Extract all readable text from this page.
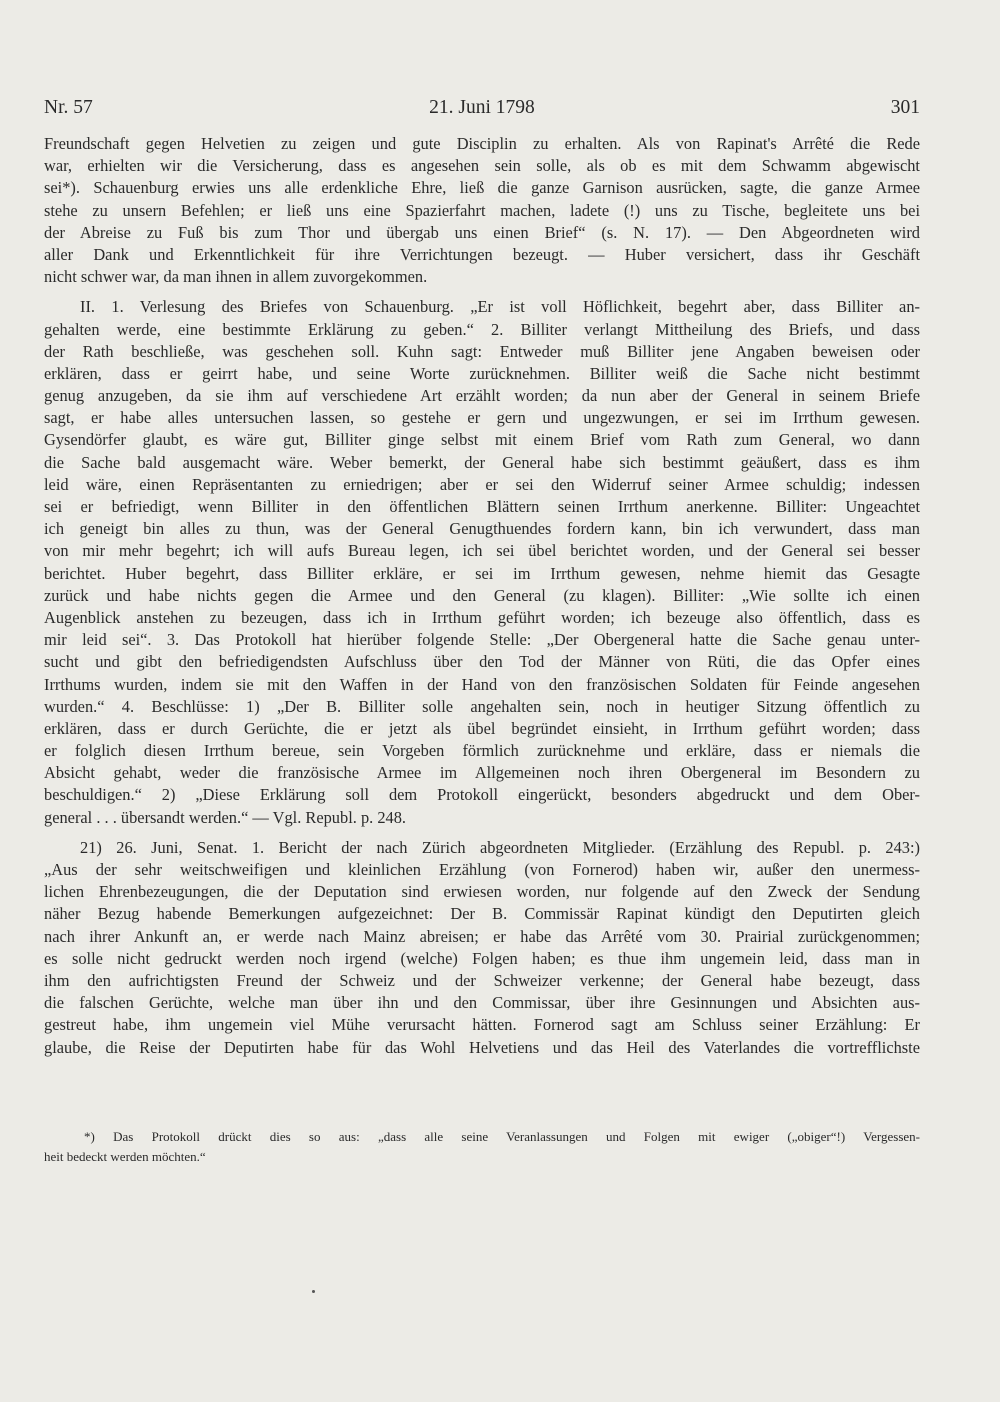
Nr. 57	21. Juni 1798	301
Freundschaft gegen Helvetien zu zeigen und gute Disciplin zu erhalten. Als von Rapinat's Arrêté die Rede
war, erhielten wir die Versicherung, dass es angesehen sein solle, als ob es mit dem Schwamm abgewischt
sei*). Schauenburg erwies uns alle erdenkliche Ehre, ließ die ganze Garnison ausrücken, sagte, die ganze Armee
stehe zu unsern Befehlen; er ließ uns eine Spazierfahrt machen, ladete (!) uns zu Tische, begleitete uns bei
der Abreise zu Fuß bis zum Thor und übergab uns einen Brief“ (s. N. 17). — Den Abgeordneten wird
aller Dank und Erkenntlichkeit für ihre Verrichtungen bezeugt. — Huber versichert, dass ihr Geschäft
nicht schwer war, da man ihnen in allem zuvorgekommen.
II. 1. Verlesung des Briefes von Schauenburg. „Er ist voll Höflichkeit, begehrt aber, dass Billiter an-
gehalten werde, eine bestimmte Erklärung zu geben.“ 2. Billiter verlangt Mittheilung des Briefs, und dass
der Rath beschließe, was geschehen soll. Kuhn sagt: Entweder muß Billiter jene Angaben beweisen oder
erklären, dass er geirrt habe, und seine Worte zurücknehmen. Billiter weiß die Sache nicht bestimmt
genug anzugeben, da sie ihm auf verschiedene Art erzählt worden; da nun aber der General in seinem Briefe
sagt, er habe alles untersuchen lassen, so gestehe er gern und ungezwungen, er sei im Irrthum gewesen.
Gysendörfer glaubt, es wäre gut, Billiter ginge selbst mit einem Brief vom Rath zum General, wo dann
die Sache bald ausgemacht wäre. Weber bemerkt, der General habe sich bestimmt geäußert, dass es ihm
leid wäre, einen Repräsentanten zu erniedrigen; aber er sei den Widerruf seiner Armee schuldig; indessen
sei er befriedigt, wenn Billiter in den öffentlichen Blättern seinen Irrthum anerkenne. Billiter: Ungeachtet
ich geneigt bin alles zu thun, was der General Genugthuendes fordern kann, bin ich verwundert, dass man
von mir mehr begehrt; ich will aufs Bureau legen, ich sei übel berichtet worden, und der General sei besser
berichtet. Huber begehrt, dass Billiter erkläre, er sei im Irrthum gewesen, nehme hiemit das Gesagte
zurück und habe nichts gegen die Armee und den General (zu klagen). Billiter: „Wie sollte ich einen
Augenblick anstehen zu bezeugen, dass ich in Irrthum geführt worden; ich bezeuge also öffentlich, dass es
mir leid sei“. 3. Das Protokoll hat hierüber folgende Stelle: „Der Obergeneral hatte die Sache genau unter-
sucht und gibt den befriedigendsten Aufschluss über den Tod der Männer von Rüti, die das Opfer eines
Irrthums wurden, indem sie mit den Waffen in der Hand von den französischen Soldaten für Feinde angesehen
wurden.“ 4. Beschlüsse: 1) „Der B. Billiter solle angehalten sein, noch in heutiger Sitzung öffentlich zu
erklären, dass er durch Gerüchte, die er jetzt als übel begründet einsieht, in Irrthum geführt worden; dass
er folglich diesen Irrthum bereue, sein Vorgeben förmlich zurücknehme und erkläre, dass er niemals die
Absicht gehabt, weder die französische Armee im Allgemeinen noch ihren Obergeneral im Besondern zu
beschuldigen.“ 2) „Diese Erklärung soll dem Protokoll eingerückt, besonders abgedruckt und dem Ober-
general . . . übersandt werden.“ — Vgl. Republ. p. 248.
21) 26. Juni, Senat. 1. Bericht der nach Zürich abgeordneten Mitglieder. (Erzählung des Republ. p. 243:)
„Aus der sehr weitschweifigen und kleinlichen Erzählung (von Fornerod) haben wir, außer den unermess-
lichen Ehrenbezeugungen, die der Deputation sind erwiesen worden, nur folgende auf den Zweck der Sendung
näher Bezug habende Bemerkungen aufgezeichnet: Der B. Commissär Rapinat kündigt den Deputirten gleich
nach ihrer Ankunft an, er werde nach Mainz abreisen; er habe das Arrêté vom 30. Prairial zurückgenommen;
es solle nicht gedruckt werden noch irgend (welche) Folgen haben; es thue ihm ungemein leid, dass man in
ihm den aufrichtigsten Freund der Schweiz und der Schweizer verkenne; der General habe bezeugt, dass
die falschen Gerüchte, welche man über ihn und den Commissar, über ihre Gesinnungen und Absichten aus-
gestreut habe, ihm ungemein viel Mühe verursacht hätten. Fornerod sagt am Schluss seiner Erzählung: Er
glaube, die Reise der Deputirten habe für das Wohl Helvetiens und das Heil des Vaterlandes die vortrefflichste
*) Das Protokoll drückt dies so aus: „dass alle seine Veranlassungen und Folgen mit ewiger („obiger“!) Vergessen-
heit bedeckt werden möchten.“
